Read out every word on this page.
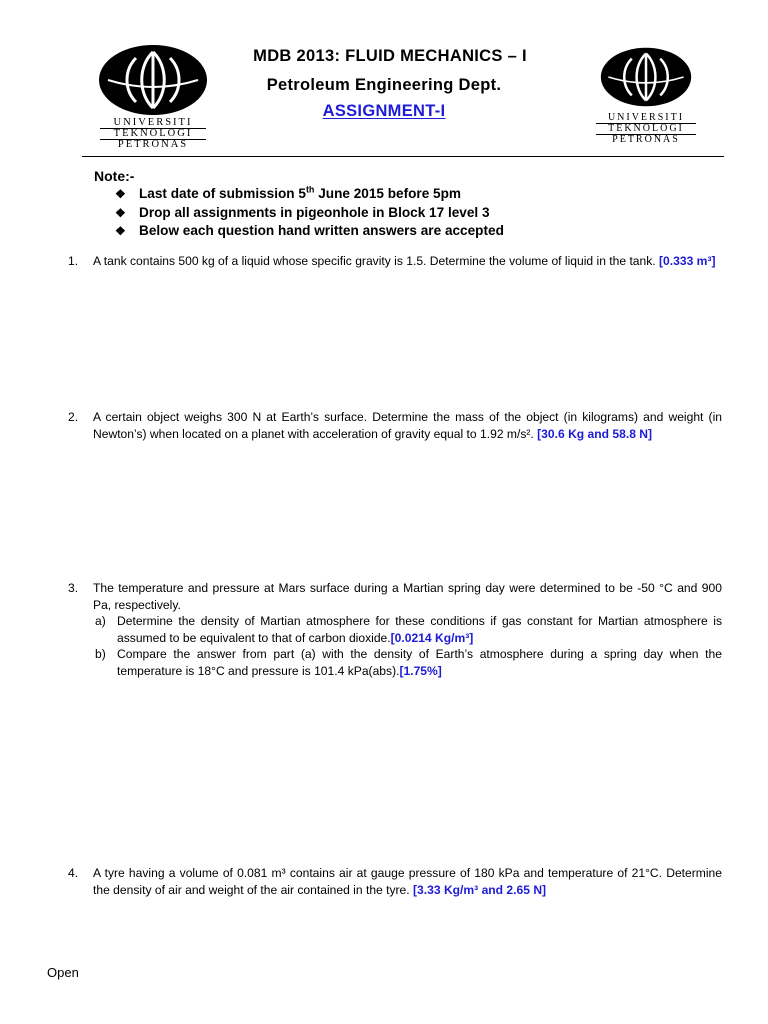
UNIVERSITI
TEKNOLOGI
PETRONAS
UNIVERSITI
TEKNOLOGI
PETRONAS
MDB 2013: FLUID MECHANICS – I
Petroleum Engineering Dept.
ASSIGNMENT-I
Note:-
❖ Last date of submission 5th June 2015 before 5pm
❖ Drop all assignments in pigeonhole in Block 17 level 3
❖ Below each question hand written answers are accepted
1. A tank contains 500 kg of a liquid whose specific gravity is 1.5. Determine the volume of liquid in the tank. [0.333 m³]
2. A certain object weighs 300 N at Earth’s surface. Determine the mass of the object (in kilograms) and weight (in Newton’s) when located on a planet with acceleration of gravity equal to 1.92 m/s². [30.6 Kg and 58.8 N]
3. The temperature and pressure at Mars surface during a Martian spring day were determined to be -50 °C and 900 Pa, respectively.
a) Determine the density of Martian atmosphere for these conditions if gas constant for Martian atmosphere is assumed to be equivalent to that of carbon dioxide.[0.0214 Kg/m³]
b) Compare the answer from part (a) with the density of Earth’s atmosphere during a spring day when the temperature is 18°C and pressure is 101.4 kPa(abs).[1.75%]
4. A tyre having a volume of 0.081 m³ contains air at gauge pressure of 180 kPa and temperature of 21°C. Determine the density of air and weight of the air contained in the tyre. [3.33 Kg/m³ and 2.65 N]
Open
